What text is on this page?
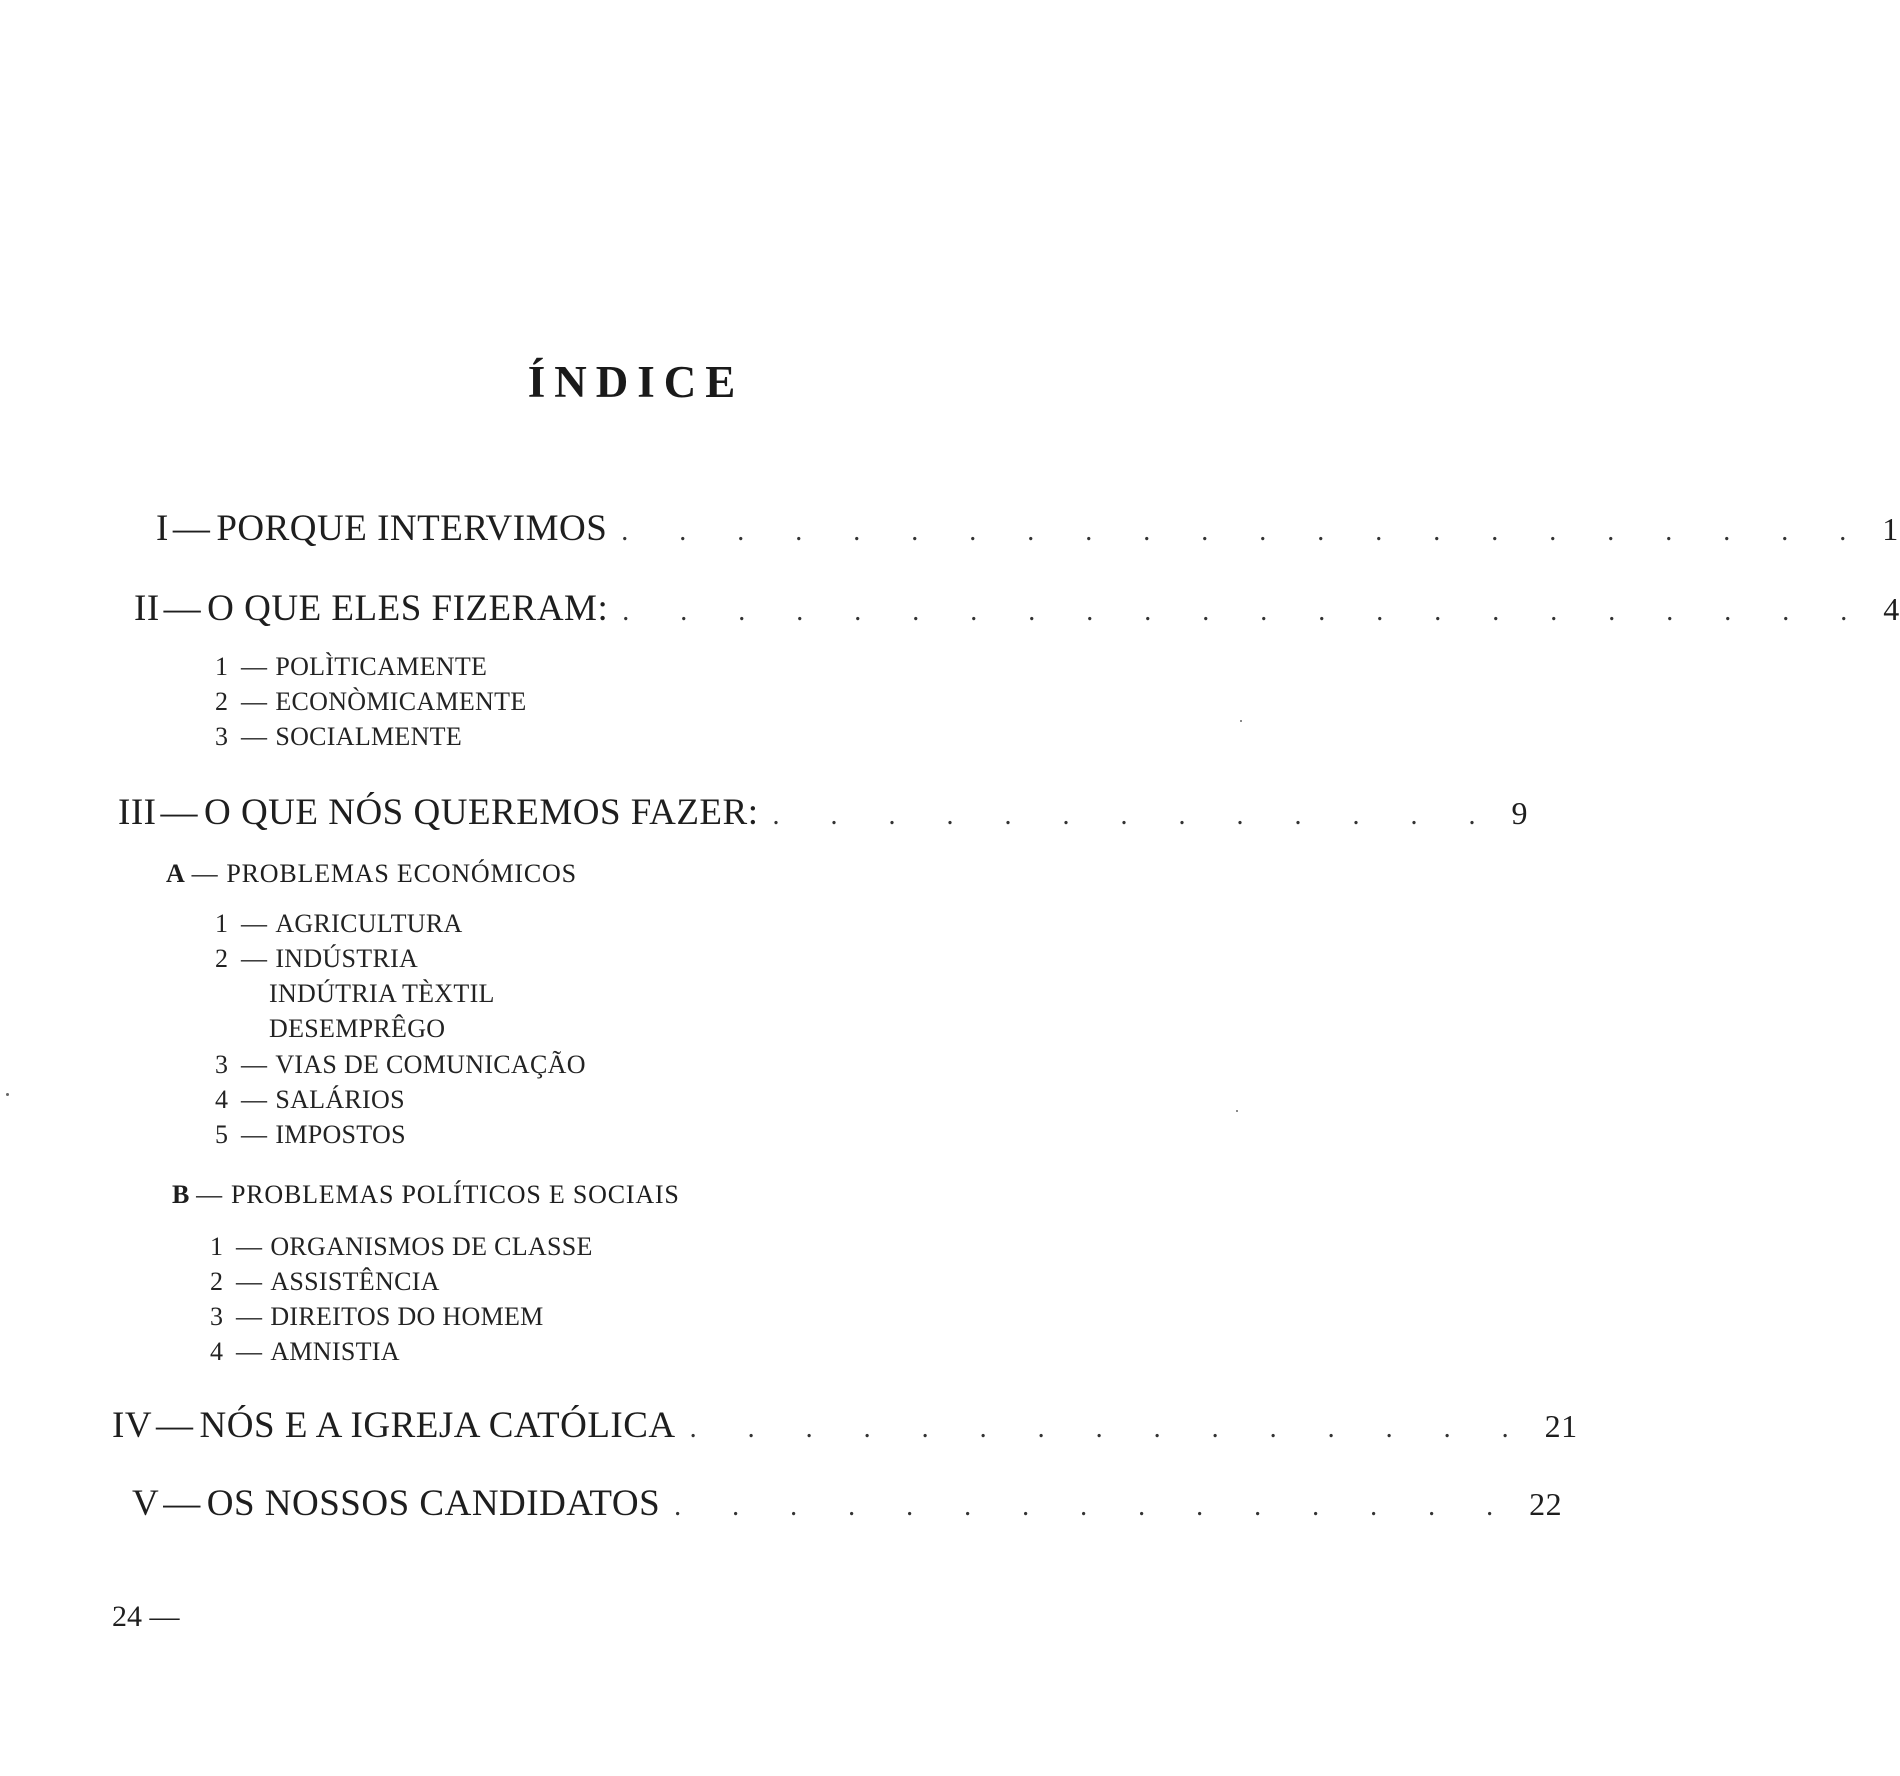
ÍNDICE
I — PORQUE INTERVIMOS . . . . . . . . . . . . . . . . . . . . . . 1
II — O QUE ELES FIZERAM: . . . . . . . . . . . . . . . . . . . . . . 4
1 — POLÌTICAMENTE
2 — ECONÒMICAMENTE
3 — SOCIALMENTE
III — O QUE NÓS QUEREMOS FAZER: . . . . . . . . . . . . . 9
A — PROBLEMAS ECONÓMICOS
1 — AGRICULTURA
2 — INDÚSTRIA
INDÚTRIA TÈXTIL
DESEMPRÊGO
3 — VIAS DE COMUNICAÇÃO
4 — SALÁRIOS
5 — IMPOSTOS
B — PROBLEMAS POLÍTICOS E SOCIAIS
1 — ORGANISMOS DE CLASSE
2 — ASSISTÊNCIA
3 — DIREITOS DO HOMEM
4 — AMNISTIA
IV — NÓS E A IGREJA CATÓLICA . . . . . . . . . . . . . . . 21
V — OS NOSSOS CANDIDATOS . . . . . . . . . . . . . . . 22
24 —
